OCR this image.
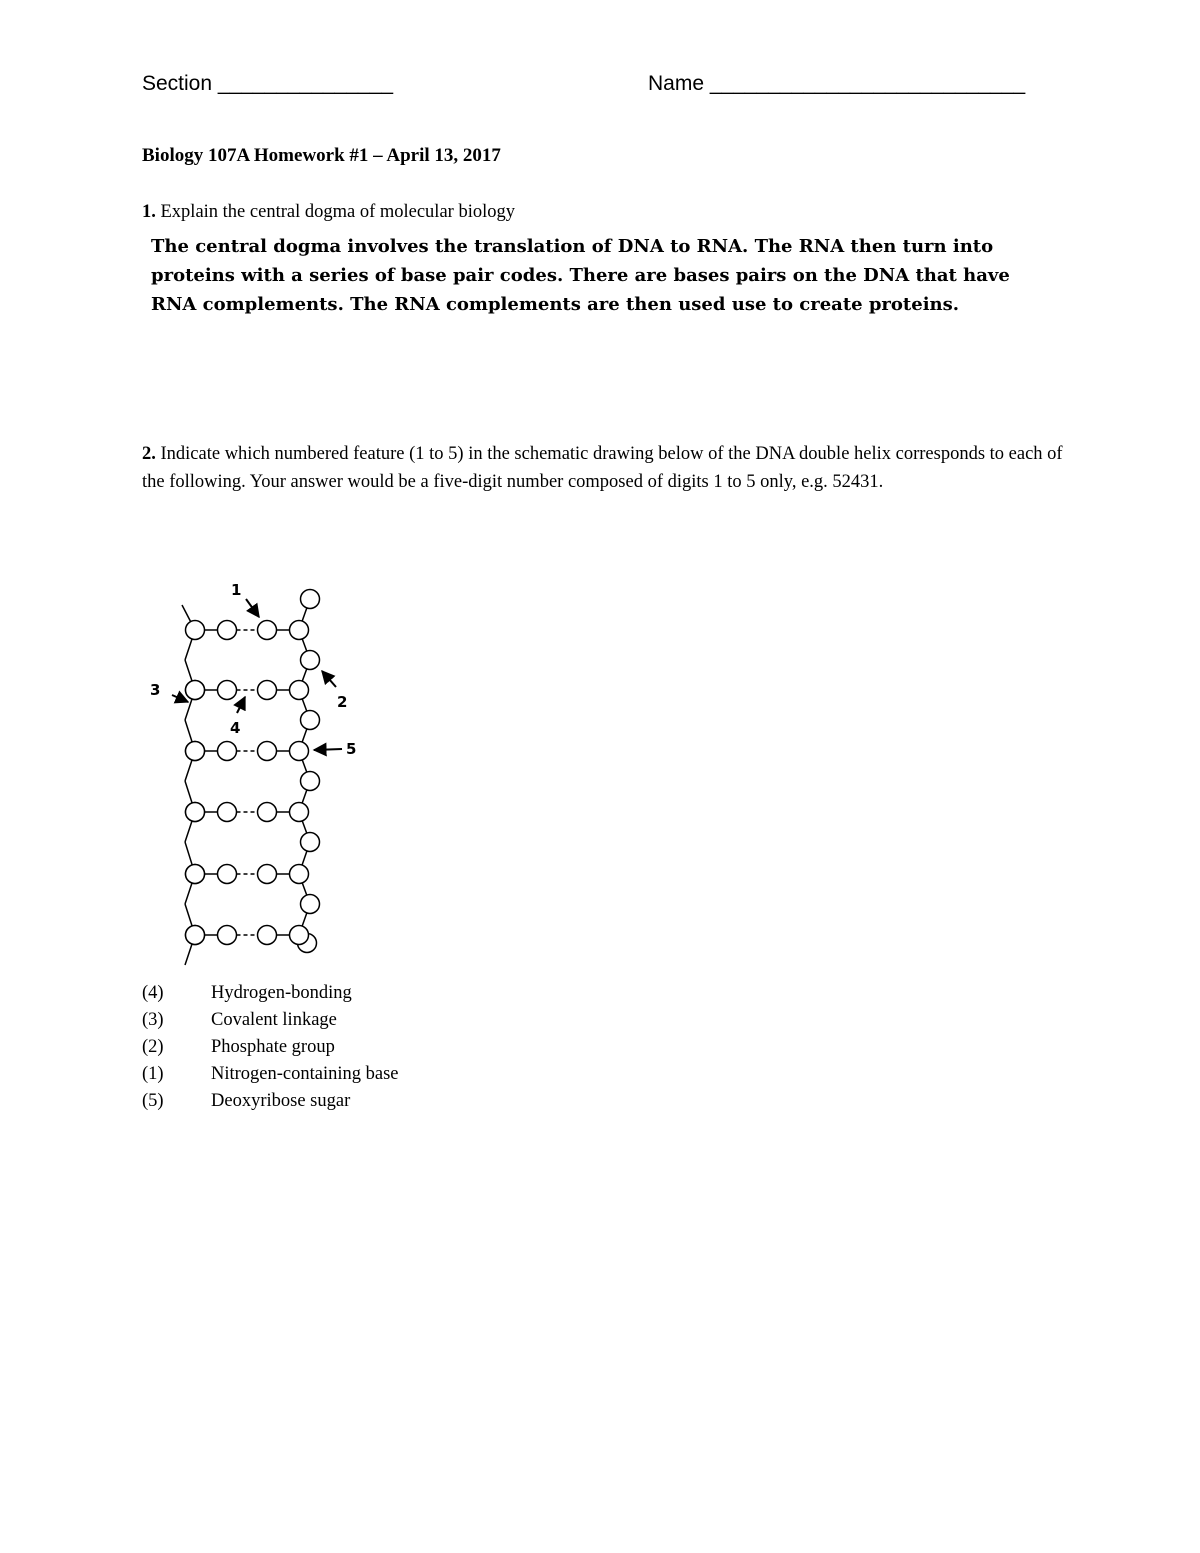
Section _______________	Name ___________________________
Biology 107A Homework #1 – April 13, 2017
1. Explain the central dogma of molecular biology
The central dogma involves the translation of DNA to RNA. The RNA then turn into proteins with a series of base pair codes. There are bases pairs on the DNA that have RNA complements. The RNA complements are then used use to create proteins.
2. Indicate which numbered feature (1 to 5) in the schematic drawing below of the DNA double helix corresponds to each of the following. Your answer would be a five-digit number composed of digits 1 to 5 only, e.g. 52431.
1
2
3
4
5
(4)	Hydrogen-bonding
(3)	Covalent linkage
(2)	Phosphate group
(1)	Nitrogen-containing base
(5)	Deoxyribose sugar
